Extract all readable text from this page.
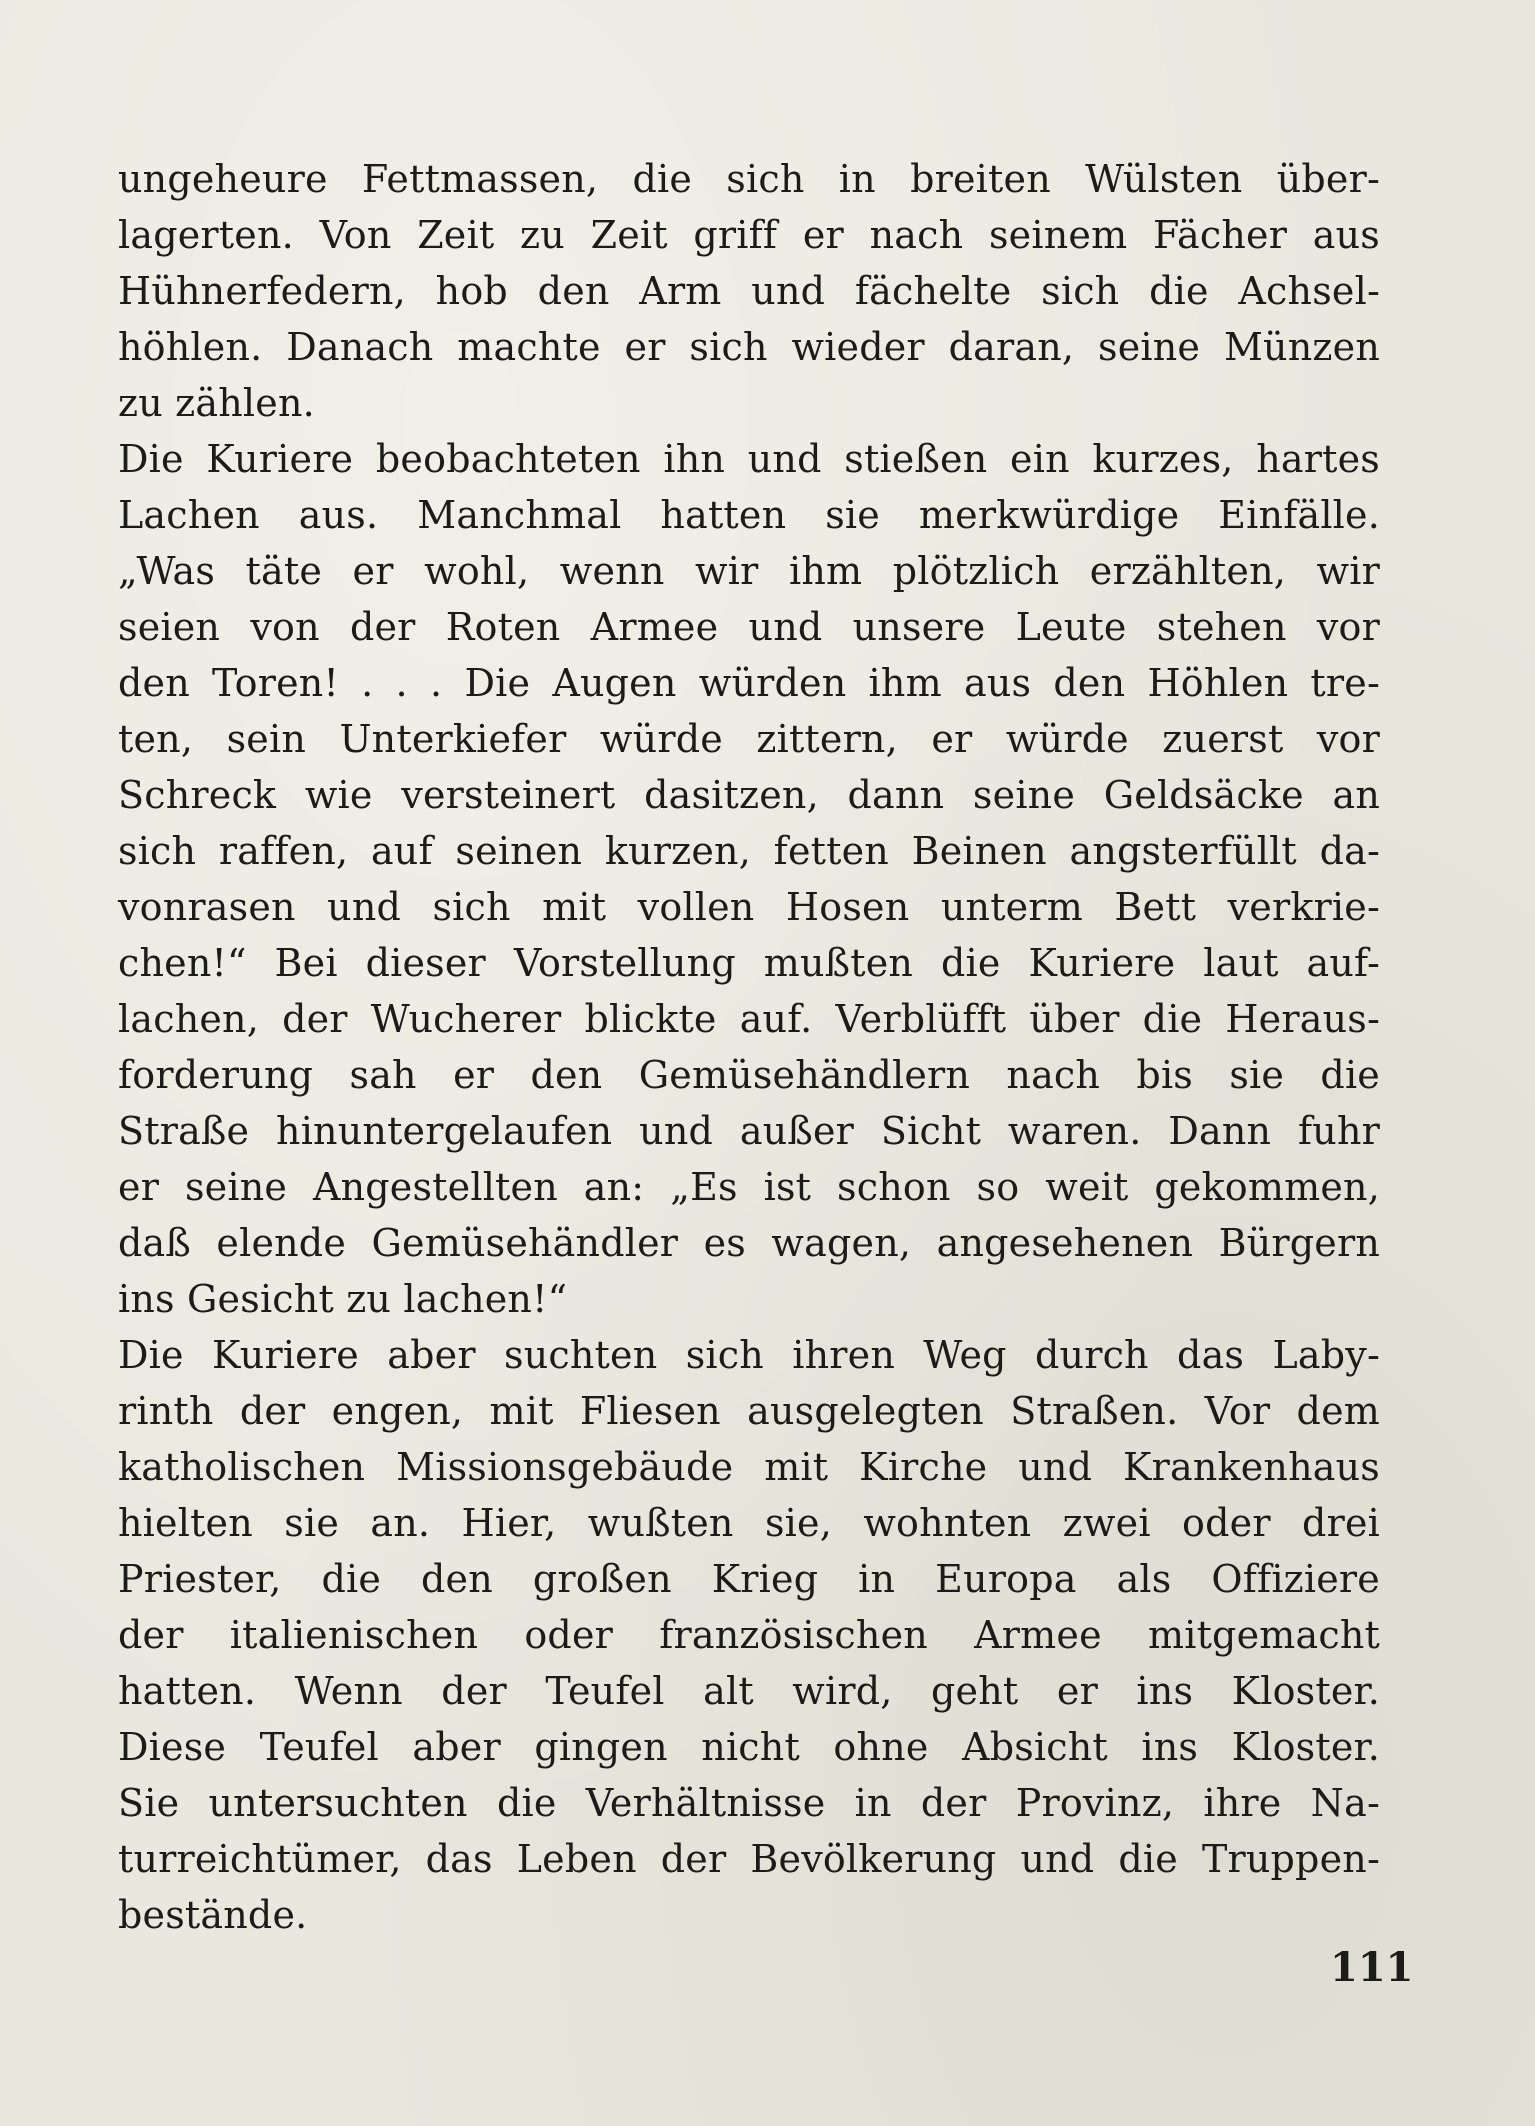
ungeheure Fettmassen, die sich in breiten Wülsten über-
lagerten. Von Zeit zu Zeit griff er nach seinem Fächer aus
Hühnerfedern, hob den Arm und fächelte sich die Achsel-
höhlen. Danach machte er sich wieder daran, seine Münzen
zu zählen.
Die Kuriere beobachteten ihn und stießen ein kurzes, hartes
Lachen aus. Manchmal hatten sie merkwürdige Einfälle.
„Was täte er wohl, wenn wir ihm plötzlich erzählten, wir
seien von der Roten Armee und unsere Leute stehen vor
den Toren! . . . Die Augen würden ihm aus den Höhlen tre-
ten, sein Unterkiefer würde zittern, er würde zuerst vor
Schreck wie versteinert dasitzen, dann seine Geldsäcke an
sich raffen, auf seinen kurzen, fetten Beinen angsterfüllt da-
vonrasen und sich mit vollen Hosen unterm Bett verkrie-
chen!“ Bei dieser Vorstellung mußten die Kuriere laut auf-
lachen, der Wucherer blickte auf. Verblüfft über die Heraus-
forderung sah er den Gemüsehändlern nach bis sie die
Straße hinuntergelaufen und außer Sicht waren. Dann fuhr
er seine Angestellten an: „Es ist schon so weit gekommen,
daß elende Gemüsehändler es wagen, angesehenen Bürgern
ins Gesicht zu lachen!“
Die Kuriere aber suchten sich ihren Weg durch das Laby-
rinth der engen, mit Fliesen ausgelegten Straßen. Vor dem
katholischen Missionsgebäude mit Kirche und Krankenhaus
hielten sie an. Hier, wußten sie, wohnten zwei oder drei
Priester, die den großen Krieg in Europa als Offiziere
der italienischen oder französischen Armee mitgemacht
hatten. Wenn der Teufel alt wird, geht er ins Kloster.
Diese Teufel aber gingen nicht ohne Absicht ins Kloster.
Sie untersuchten die Verhältnisse in der Provinz, ihre Na-
turreichtümer, das Leben der Bevölkerung und die Truppen-
bestände.
111
